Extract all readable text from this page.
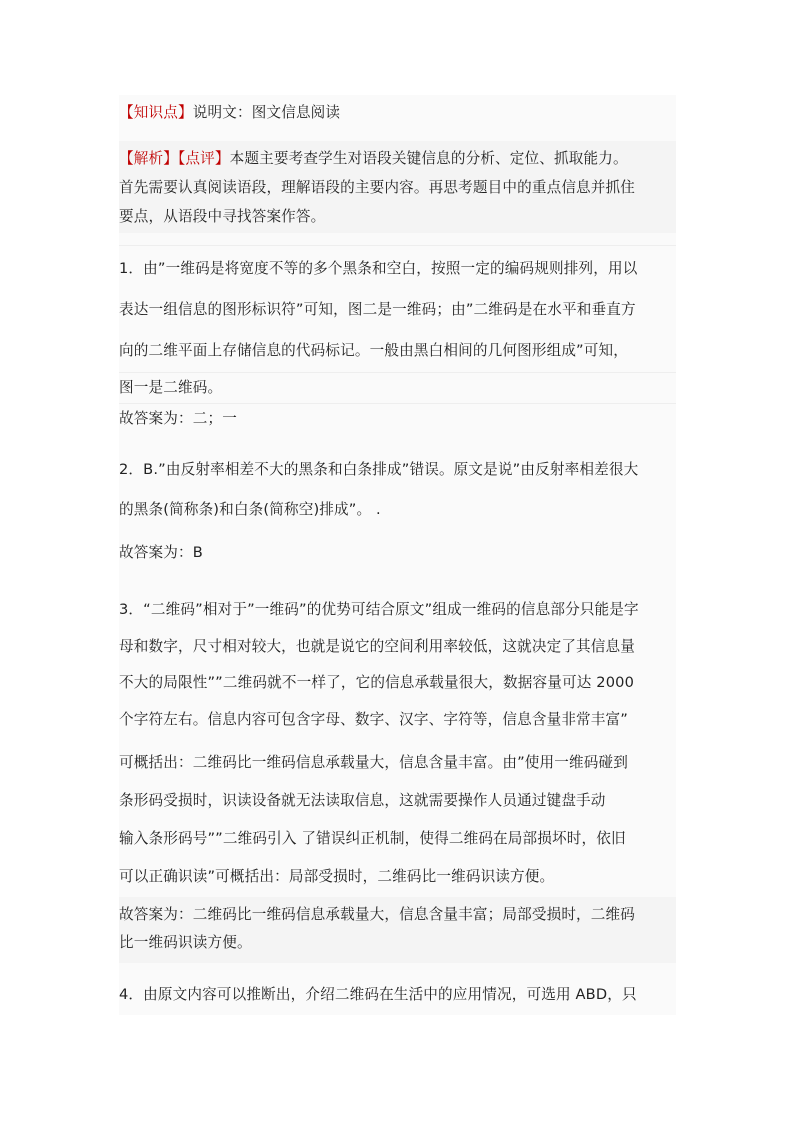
【知识点】说明文：图文信息阅读
【解析】【点评】本题主要考查学生对语段关键信息的分析、定位、抓取能力。
首先需要认真阅读语段，理解语段的主要内容。再思考题目中的重点信息并抓住
要点，从语段中寻找答案作答。
1．由”一维码是将宽度不等的多个黑条和空白，按照一定的编码规则排列，用以
表达一组信息的图形标识符”可知，图二是一维码；由”二维码是在水平和垂直方
向的二维平面上存储信息的代码标记。一般由黑白相间的几何图形组成”可知，
图一是二维码。
故答案为：二；一
2．B.”由反射率相差不大的黑条和白条排成”错误。原文是说”由反射率相差很大
的黑条(简称条)和白条(简称空)排成”。 .
故答案为：B
3．“二维码”相对于”一维码”的优势可结合原文”组成一维码的信息部分只能是字
母和数字，尺寸相对较大，也就是说它的空间利用率较低，这就决定了其信息量
不大的局限性””二维码就不一样了，它的信息承载量很大，数据容量可达 2000
个字符左右。信息内容可包含字母、数字、汉字、字符等，信息含量非常丰富”
可概括出：二维码比一维码信息承载量大，信息含量丰富。由”使用一维码碰到
条形码受损时，识读设备就无法读取信息，这就需要操作人员通过键盘手动
输入条形码号””二维码引入 了错误纠正机制，使得二维码在局部损坏时，依旧
可以正确识读”可概括出：局部受损时，二维码比一维码识读方便。
故答案为：二维码比一维码信息承载量大，信息含量丰富；局部受损时，二维码
比一维码识读方便。
4．由原文内容可以推断出，介绍二维码在生活中的应用情况，可选用 ABD，只
